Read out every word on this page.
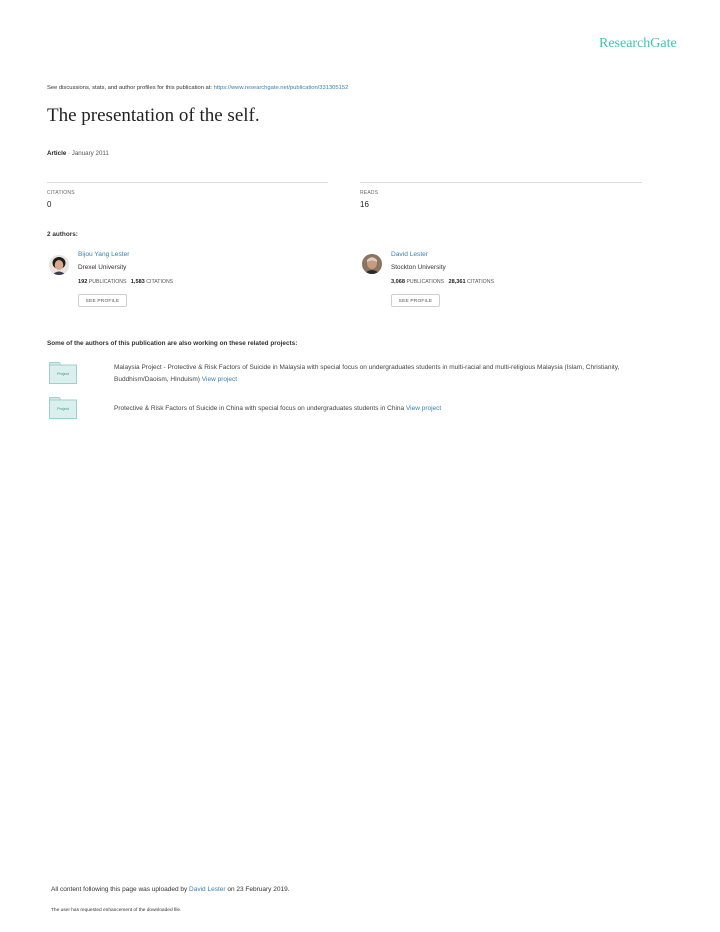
ResearchGate
See discussions, stats, and author profiles for this publication at: https://www.researchgate.net/publication/331305152
The presentation of the self.
Article · January 2011
CITATIONS
0
READS
16
2 authors:
Bijou Yang Lester
Drexel University
192 PUBLICATIONS 1,583 CITATIONS
SEE PROFILE
David Lester
Stockton University
3,068 PUBLICATIONS 28,361 CITATIONS
SEE PROFILE
Some of the authors of this publication are also working on these related projects:
Project
Malaysia Project - Protective & Risk Factors of Suicide in Malaysia with special focus on undergraduates students in multi-racial and multi-religious Malaysia (Islam, Christianity, Buddhism/Daoism, HInduism) View project
Project	Protective & Risk Factors of Suicide in China with special focus on undergraduates students in China View project
All content following this page was uploaded by David Lester on 23 February 2019.
The user has requested enhancement of the downloaded file.
